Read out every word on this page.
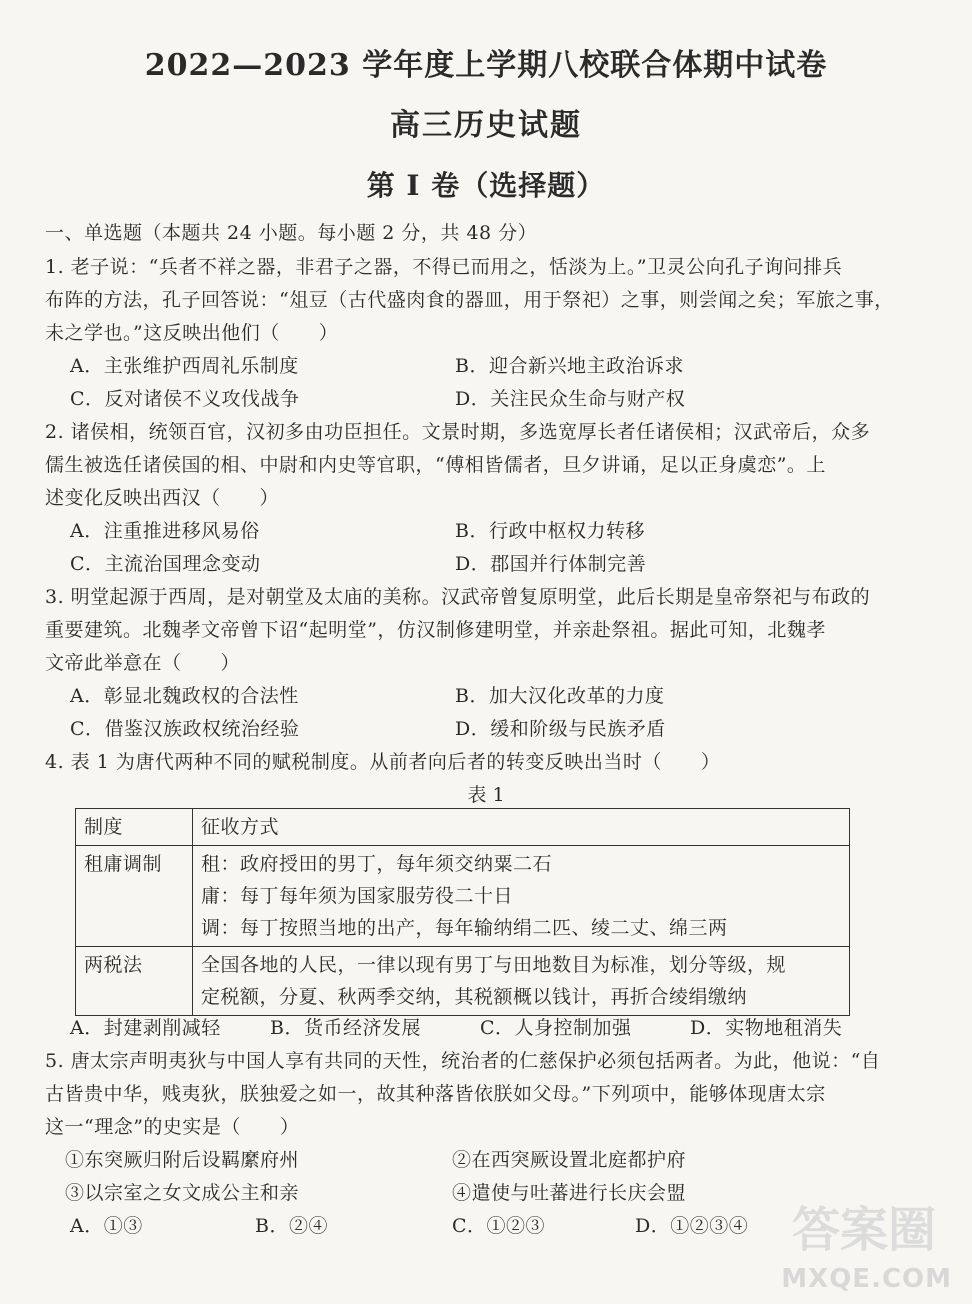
2022—2023 学年度上学期八校联合体期中试卷
高三历史试题
第 I 卷（选择题）
一、单选题（本题共 24 小题。每小题 2 分，共 48 分）
1. 老子说：“兵者不祥之器，非君子之器，不得已而用之，恬淡为上。”卫灵公向孔子询问排兵
布阵的方法，孔子回答说：“俎豆（古代盛肉食的器皿，用于祭祀）之事，则尝闻之矣；军旅之事，
未之学也。”这反映出他们（　　）
A．主张维护西周礼乐制度	B．迎合新兴地主政治诉求
C．反对诸侯不义攻伐战争	D．关注民众生命与财产权
2. 诸侯相，统领百官，汉初多由功臣担任。文景时期，多选宽厚长者任诸侯相；汉武帝后，众多
儒生被选任诸侯国的相、中尉和内史等官职，“傅相皆儒者，旦夕讲诵，足以正身虞恋”。上
述变化反映出西汉（　　）
A．注重推进移风易俗	B．行政中枢权力转移
C．主流治国理念变动	D．郡国并行体制完善
3. 明堂起源于西周，是对朝堂及太庙的美称。汉武帝曾复原明堂，此后长期是皇帝祭祀与布政的
重要建筑。北魏孝文帝曾下诏“起明堂”，仿汉制修建明堂，并亲赴祭祖。据此可知，北魏孝
文帝此举意在（　　）
A．彰显北魏政权的合法性	B．加大汉化改革的力度
C．借鉴汉族政权统治经验	D．缓和阶级与民族矛盾
4. 表 1 为唐代两种不同的赋税制度。从前者向后者的转变反映出当时（　　）
表 1
制度	征收方式
租庸调制	租：政府授田的男丁，每年须交纳粟二石
庸：每丁每年须为国家服劳役二十日
调：每丁按照当地的出产，每年输纳绢二匹、绫二丈、绵三两

两税法	全国各地的人民，一律以现有男丁与田地数目为标准，划分等级，规
定税额，分夏、秋两季交纳，其税额概以钱计，再折合绫绢缴纳
A．封建剥削减轻	B．货币经济发展	C．人身控制加强	D．实物地租消失
5. 唐太宗声明夷狄与中国人享有共同的天性，统治者的仁慈保护必须包括两者。为此，他说：“自
古皆贵中华，贱夷狄，朕独爱之如一，故其种落皆依朕如父母。”下列项中，能够体现唐太宗
这一“理念”的史实是（　　）
①东突厥归附后设羁縻府州	②在西突厥设置北庭都护府
③以宗室之女文成公主和亲	④遣使与吐蕃进行长庆会盟
A．①③	B．②④	C．①②③	D．①②③④ 答案圈
MXQE.COM
